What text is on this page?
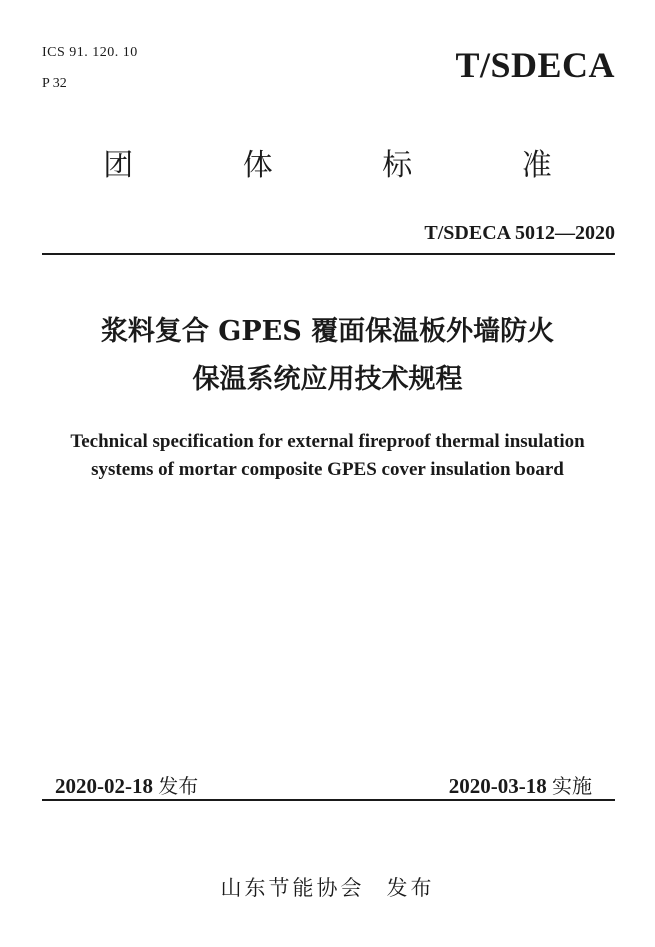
ICS 91. 120. 10
P 32	T/SDECA
团 体 标 准
T/SDECA 5012—2020
浆料复合 GPES 覆面保温板外墙防火
保温系统应用技术规程
Technical specification for external fireproof thermal insulation
systems of mortar composite GPES cover insulation board
2020-02-18 发布	2020-03-18 实施
山东节能协会 发布
